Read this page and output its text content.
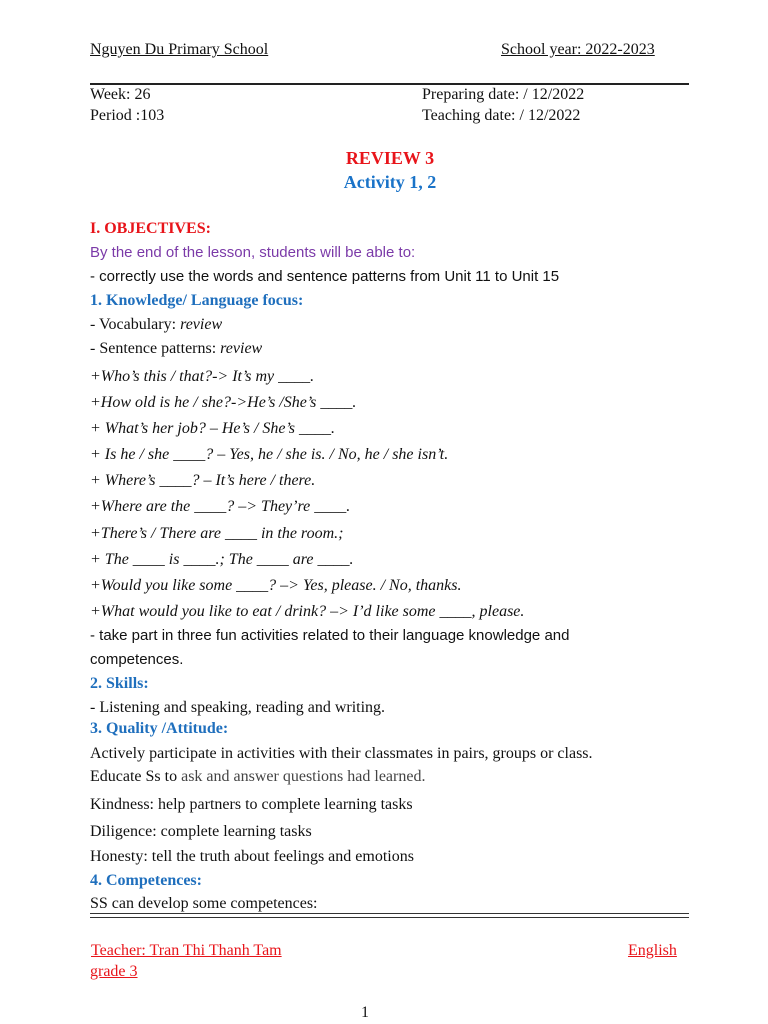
Nguyen Du Primary School	School year: 2022-2023
Week: 26
Period :103
Preparing date: / 12/2022
Teaching date: / 12/2022
REVIEW 3
Activity 1, 2
I. OBJECTIVES:
By the end of the lesson, students will be able to:
- correctly use the words and sentence patterns from Unit 11 to Unit 15
1. Knowledge/ Language focus:
- Vocabulary: review
- Sentence patterns: review
+Who’s this / that?-> It’s my ____.
+How old is he / she?->He’s /She’s ____.
+ What’s her job? – He’s / She’s ____.
+ Is he / she ____? – Yes, he / she is. / No, he / she isn’t.
+ Where’s ____? – It’s here / there.
+Where are the ____? –> They’re ____.
+There’s / There are ____ in the room.;
+ The ____ is ____.; The ____ are ____.
+Would you like some ____? –> Yes, please. / No, thanks.
+What would you like to eat / drink? –> I’d like some ____, please.
- take part in three fun activities related to their language knowledge and
competences.
2. Skills:
- Listening and speaking, reading and writing.
3. Quality /Attitude:
Actively participate in activities with their classmates in pairs, groups or class.
Educate Ss to ask and answer questions had learned.
Kindness: help partners to complete learning tasks
Diligence: complete learning tasks
Honesty: tell the truth about feelings and emotions
4. Competences:
SS can develop some competences:
Teacher: Tran Thi Thanh Tam	English
grade 3
1
